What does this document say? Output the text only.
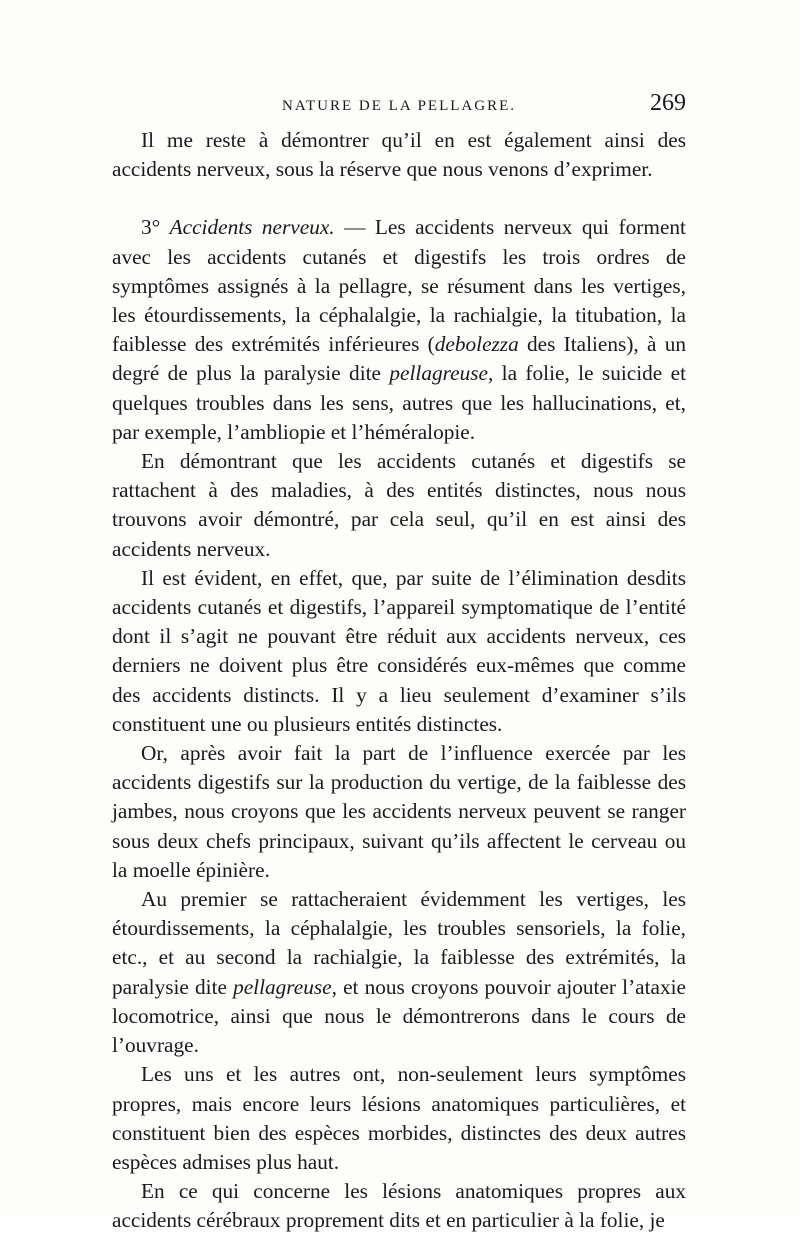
NATURE DE LA PELLAGRE.	269

Il me reste à démontrer qu’il en est également ainsi des accidents nerveux, sous la réserve que nous venons d’exprimer.

3° Accidents nerveux. — Les accidents nerveux qui forment avec les accidents cutanés et digestifs les trois ordres de symptômes assignés à la pellagre, se résument dans les vertiges, les étourdissements, la céphalalgie, la rachialgie, la titubation, la faiblesse des extrémités inférieures (debolezza des Italiens), à un degré de plus la paralysie dite pellagreuse, la folie, le suicide et quelques troubles dans les sens, autres que les hallucinations, et, par exemple, l’ambliopie et l’héméralopie.

En démontrant que les accidents cutanés et digestifs se rattachent à des maladies, à des entités distinctes, nous nous trouvons avoir démontré, par cela seul, qu’il en est ainsi des accidents nerveux.

Il est évident, en effet, que, par suite de l’élimination desdits accidents cutanés et digestifs, l’appareil symptomatique de l’entité dont il s’agit ne pouvant être réduit aux accidents nerveux, ces derniers ne doivent plus être considérés eux-mêmes que comme des accidents distincts. Il y a lieu seulement d’examiner s’ils constituent une ou plusieurs entités distinctes.

Or, après avoir fait la part de l’influence exercée par les accidents digestifs sur la production du vertige, de la faiblesse des jambes, nous croyons que les accidents nerveux peuvent se ranger sous deux chefs principaux, suivant qu’ils affectent le cerveau ou la moelle épinière.

Au premier se rattacheraient évidemment les vertiges, les étourdissements, la céphalalgie, les troubles sensoriels, la folie, etc., et au second la rachialgie, la faiblesse des extrémités, la paralysie dite pellagreuse, et nous croyons pouvoir ajouter l’ataxie locomotrice, ainsi que nous le démontrerons dans le cours de l’ouvrage.

Les uns et les autres ont, non-seulement leurs symptômes propres, mais encore leurs lésions anatomiques particulières, et constituent bien des espèces morbides, distinctes des deux autres espèces admises plus haut.

En ce qui concerne les lésions anatomiques propres aux accidents cérébraux proprement dits et en particulier à la folie, je
